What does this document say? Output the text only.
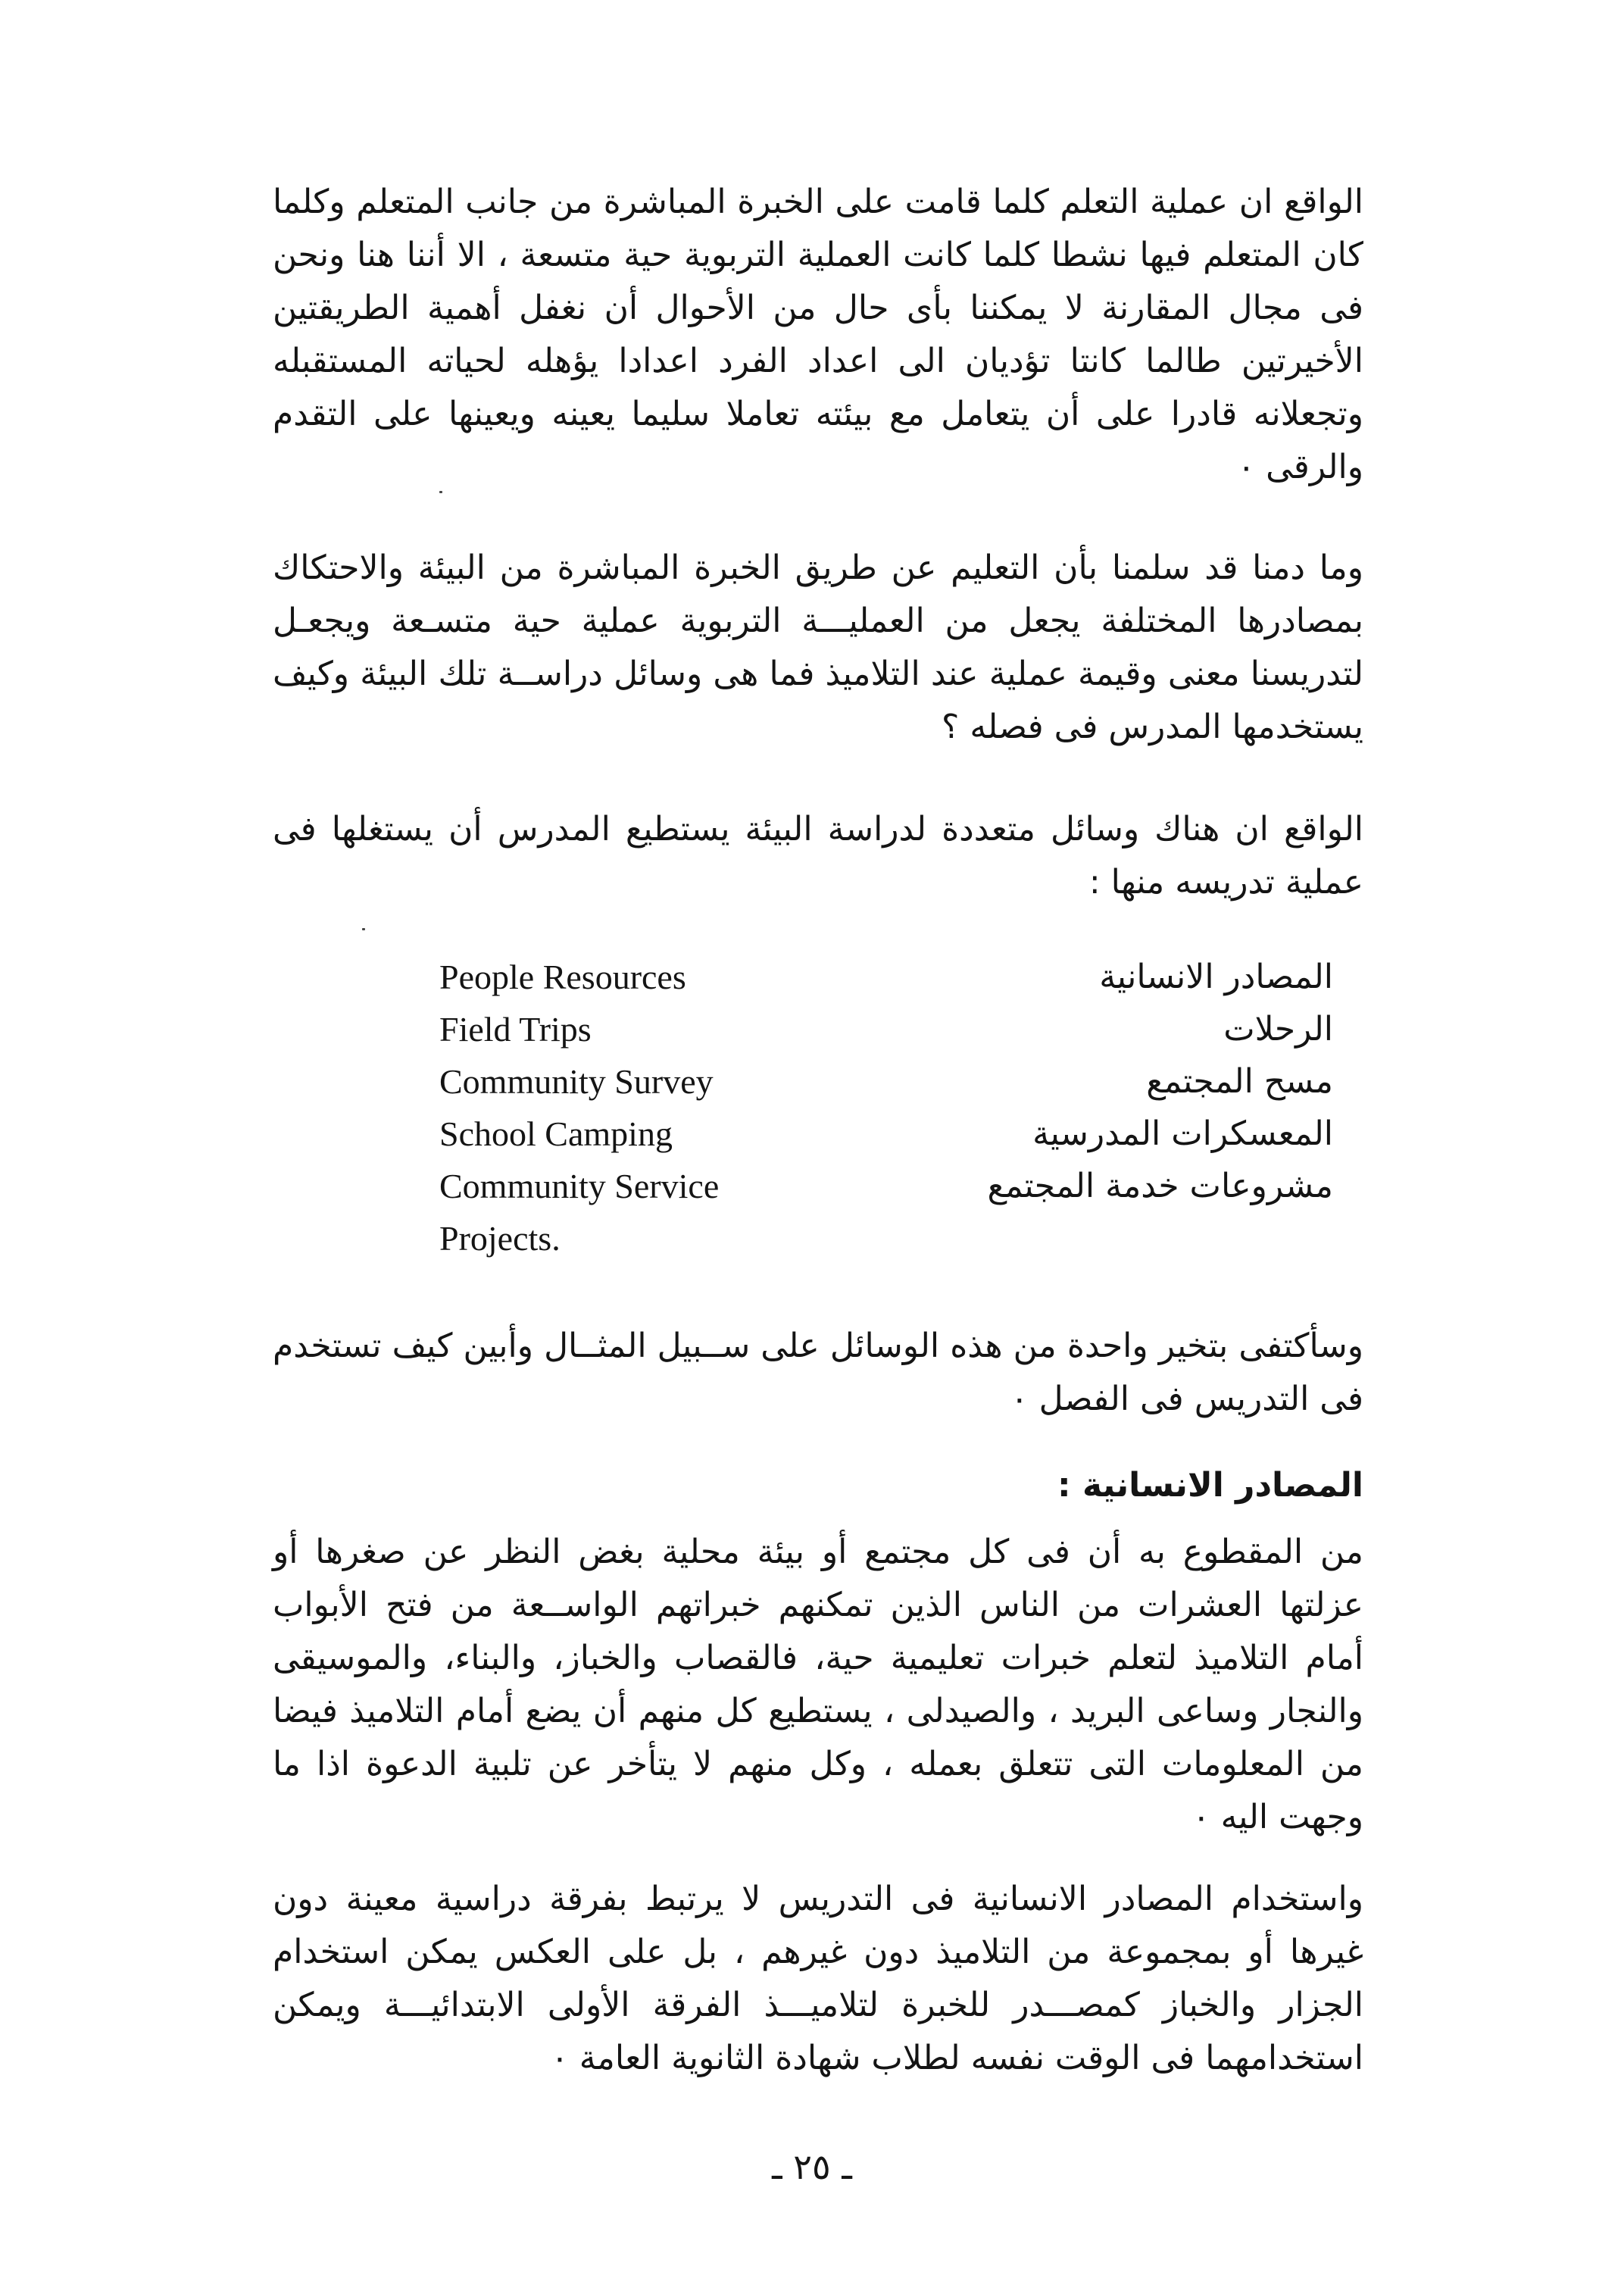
الواقع ان عملية التعلم كلما قامت على الخبرة المباشرة من جانب المتعلم وكلما كان المتعلم فيها نشطا كلما كانت العملية التربوية حية متسعة ، الا أننا هنا ونحن فى مجال المقارنة لا يمكننا بأى حال من الأحوال أن نغفل أهمية الطريقتين الأخيرتين طالما كانتا تؤديان الى اعداد الفرد اعدادا يؤهله لحياته المستقبله وتجعلانه قادرا على أن يتعامل مع بيئته تعاملا سليما يعينه ويعينها على التقدم والرقى ٠

وما دمنا قد سلمنا بأن التعليم عن طريق الخبرة المباشرة من البيئة والاحتكاك بمصادرها المختلفة يجعل من العمليـــة التربوية عملية حية متسـعة ويجعـل لتدريسنا معنى وقيمة عملية عند التلاميذ فما هى وسائل دراســة تلك البيئة وكيف يستخدمها المدرس فى فصله ؟

الواقع ان هناك وسائل متعددة لدراسة البيئة يستطيع المدرس أن يستغلها فى عملية تدريسه منها :

People Resources	المصادر الانسانية
Field Trips	الرحلات
Community Survey	مسح المجتمع
School Camping	المعسكرات المدرسية
Community Service	مشروعات خدمة المجتمع
Projects.

وسأكتفى بتخير واحدة من هذه الوسائل على ســبيل المثــال وأبين كيف تستخدم فى التدريس فى الفصل ٠

المصادر الانسانية :

من المقطوع به أن فى كل مجتمع أو بيئة محلية بغض النظر عن صغرها أو عزلتها العشرات من الناس الذين تمكنهم خبراتهم الواســعة من فتح الأبواب أمام التلاميذ لتعلم خبرات تعليمية حية، فالقصاب والخباز، والبناء، والموسيقى والنجار وساعى البريد ، والصيدلى ، يستطيع كل منهم أن يضع أمام التلاميذ فيضا من المعلومات التى تتعلق بعمله ، وكل منهم لا يتأخر عن تلبية الدعوة اذا ما وجهت اليه ٠

واستخدام المصادر الانسانية فى التدريس لا يرتبط بفرقة دراسية معينة دون غيرها أو بمجموعة من التلاميذ دون غيرهم ، بل على العكس يمكن استخدام الجزار والخباز كمصـــدر للخبرة لتلاميـــذ الفرقة الأولى الابتدائيـــة ويمكن استخدامهما فى الوقت نفسه لطلاب شهادة الثانوية العامة ٠

ـ ٢٥ ـ
